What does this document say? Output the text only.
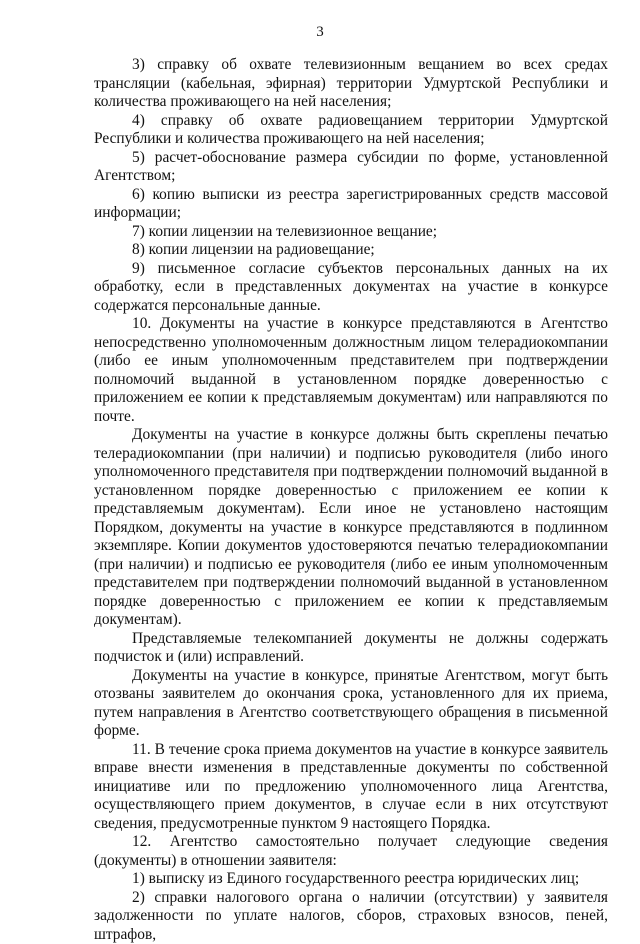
3

3) справку об охвате телевизионным вещанием во всех средах трансляции (кабельная, эфирная) территории Удмуртской Республики и количества проживающего на ней населения;

4) справку об охвате радиовещанием территории Удмуртской Республики и количества проживающего на ней населения;

5) расчет-обоснование размера субсидии по форме, установленной Агентством;

6) копию выписки из реестра зарегистрированных средств массовой информации;

7) копии лицензии на телевизионное вещание;

8) копии лицензии на радиовещание;

9) письменное согласие субъектов персональных данных на их обработку, если в представленных документах на участие в конкурсе содержатся персональные данные.

10. Документы на участие в конкурсе представляются в Агентство непосредственно уполномоченным должностным лицом телерадиокомпании (либо ее иным уполномоченным представителем при подтверждении полномочий выданной в установленном порядке доверенностью с приложением ее копии к представляемым документам) или направляются по почте.

Документы на участие в конкурсе должны быть скреплены печатью телерадиокомпании (при наличии) и подписью руководителя (либо иного уполномоченного представителя при подтверждении полномочий выданной в установленном порядке доверенностью с приложением ее копии к представляемым документам). Если иное не установлено настоящим Порядком, документы на участие в конкурсе представляются в подлинном экземпляре. Копии документов удостоверяются печатью телерадиокомпании (при наличии) и подписью ее руководителя (либо ее иным уполномоченным представителем при подтверждении полномочий выданной в установленном порядке доверенностью с приложением ее копии к представляемым документам).

Представляемые телекомпанией документы не должны содержать подчисток и (или) исправлений.

Документы на участие в конкурсе, принятые Агентством, могут быть отозваны заявителем до окончания срока, установленного для их приема, путем направления в Агентство соответствующего обращения в письменной форме.

11. В течение срока приема документов на участие в конкурсе заявитель вправе внести изменения в представленные документы по собственной инициативе или по предложению уполномоченного лица Агентства, осуществляющего прием документов, в случае если в них отсутствуют сведения, предусмотренные пунктом 9 настоящего Порядка.

12. Агентство самостоятельно получает следующие сведения (документы) в отношении заявителя:

1) выписку из Единого государственного реестра юридических лиц;

2) справки налогового органа о наличии (отсутствии) у заявителя задолженности по уплате налогов, сборов, страховых взносов, пеней, штрафов,
